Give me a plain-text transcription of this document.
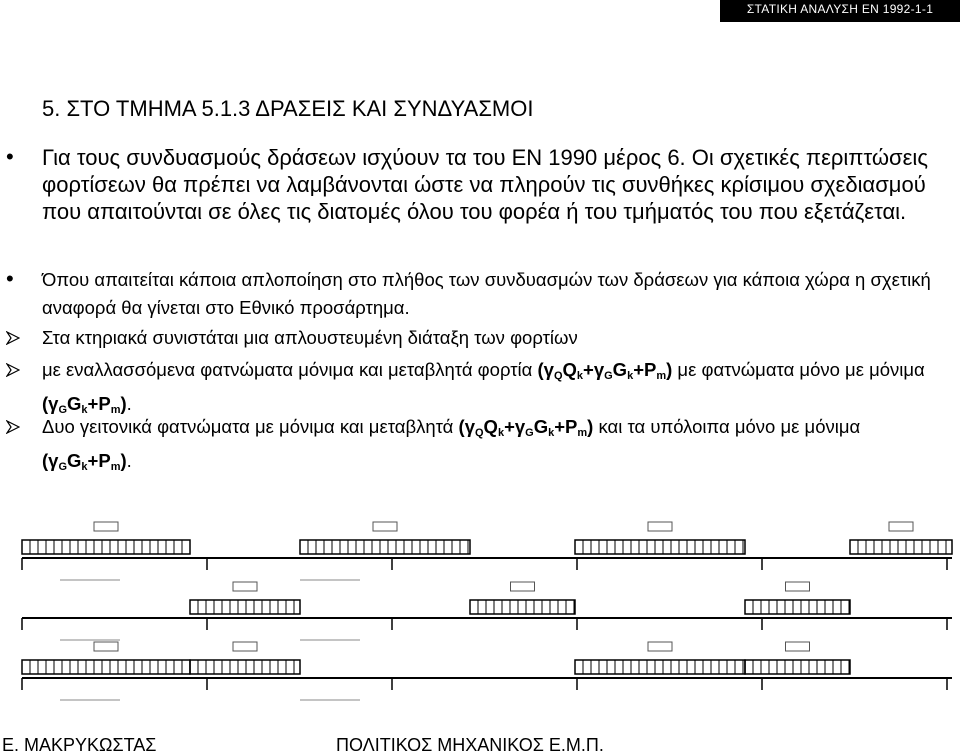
ΣΤΑΤΙΚΗ ΑΝΑΛΥΣΗ ΕΝ 1992-1-1
5. ΣΤΟ ΤΜΗΜΑ 5.1.3 ΔΡΑΣΕΙΣ ΚΑΙ ΣΥΝΔΥΑΣΜΟΙ
• Για τους συνδυασμούς δράσεων ισχύουν τα του ΕΝ 1990 μέρος 6. Οι σχετικές περιπτώσεις φορτίσεων θα πρέπει να λαμβάνονται ώστε να πληρούν τις συνθήκες κρίσιμου σχεδιασμού που απαιτούνται σε όλες τις διατομές όλου του φορέα ή του τμήματός του που εξετάζεται.
• Όπου απαιτείται κάποια απλοποίηση στο πλήθος των συνδυασμών των δράσεων για κάποια χώρα η σχετική αναφορά θα γίνεται στο Εθνικό προσάρτημα.
Στα κτηριακά συνιστάται μια απλουστευμένη διάταξη των φορτίων
με εναλλασσόμενα φατνώματα μόνιμα και μεταβλητά φορτία $(\gamma_QQ_k+\gamma_GG_k+P_m)$ με φατνώματα μόνο με μόνιμα $(\gamma_GG_k+P_m)$.
Δυο γειτονικά φατνώματα με μόνιμα και μεταβλητά $(\gamma_QQ_k+\gamma_GG_k+P_m)$ και τα υπόλοιπα μόνο με μόνιμα $(\gamma_GG_k+P_m)$.
Ε. ΜΑΚΡΥΚΩΣΤΑΣ	ΠΟΛΙΤΙΚΟΣ ΜΗΧΑΝΙΚΟΣ Ε.Μ.Π.
